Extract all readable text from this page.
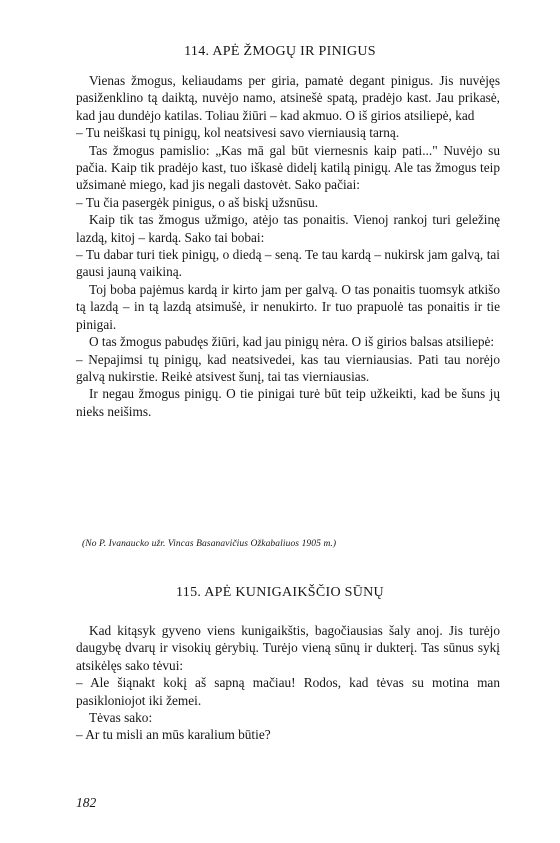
114. APĖ ŽMOGŲ IR PINIGUS

Vienas žmogus, keliaudams per giria, pamatė degant pinigus. Jis nuvėjęs pasiženklino tą daiktą, nuvėjo namo, atsinešė spatą, pradėjo kast. Jau prikasė, kad jau dundėjo katilas. Toliau žiūri – kad akmuo. O iš girios atsiliepė, kad

– Tu neiškasi tų pinigų, kol neatsivesi savo vierniausią tarną.

Tas žmogus pamislio: „Kas mā gal būt viernesnis kaip pati..." Nuvėjo su pačia. Kaip tik pradėjo kast, tuo iškasė didelį katilą pinigų. Ale tas žmogus teip užsimanė miego, kad jis negali dastovėt. Sako pačiai:

– Tu čia pasergėk pinigus, o aš biskį užsnūsu.

Kaip tik tas žmogus užmigo, atėjo tas ponaitis. Vienoj rankoj turi geležinę lazdą, kitoj – kardą. Sako tai bobai:

– Tu dabar turi tiek pinigų, o diedą – seną. Te tau kardą – nukirsk jam galvą, tai gausi jauną vaikiną.

Toj boba pajėmus kardą ir kirto jam per galvą. O tas ponaitis tuomsyk atkišo tą lazdą – in tą lazdą atsimušė, ir nenukirto. Ir tuo prapuolė tas ponaitis ir tie pinigai.

O tas žmogus pabudęs žiūri, kad jau pinigų nėra. O iš girios balsas atsiliepė:

– Nepajimsi tų pinigų, kad neatsivedei, kas tau vierniausias. Pati tau norėjo galvą nukirstie. Reikė atsivest šunį, tai tas vierniausias.

Ir negau žmogus pinigų. O tie pinigai turė būt teip užkeikti, kad be šuns jų nieks neišims.

(No P. Ivanaucko užr. Vincas Basanavičius Ožkabaliuos 1905 m.)
115. APĖ KUNIGAIKŠČIO SŪNŲ

Kad kitąsyk gyveno viens kunigaikštis, bagočiausias šaly anoj. Jis turėjo daugybę dvarų ir visokių gėrybių. Turėjo vieną sūnų ir dukterį. Tas sūnus sykį atsikėlęs sako tėvui:

– Ale šiąnakt kokį aš sapną mačiau! Rodos, kad tėvas su motina man pasikloniojot iki žemei.

Tėvas sako:

– Ar tu misli an mūs karalium būtie?

182
